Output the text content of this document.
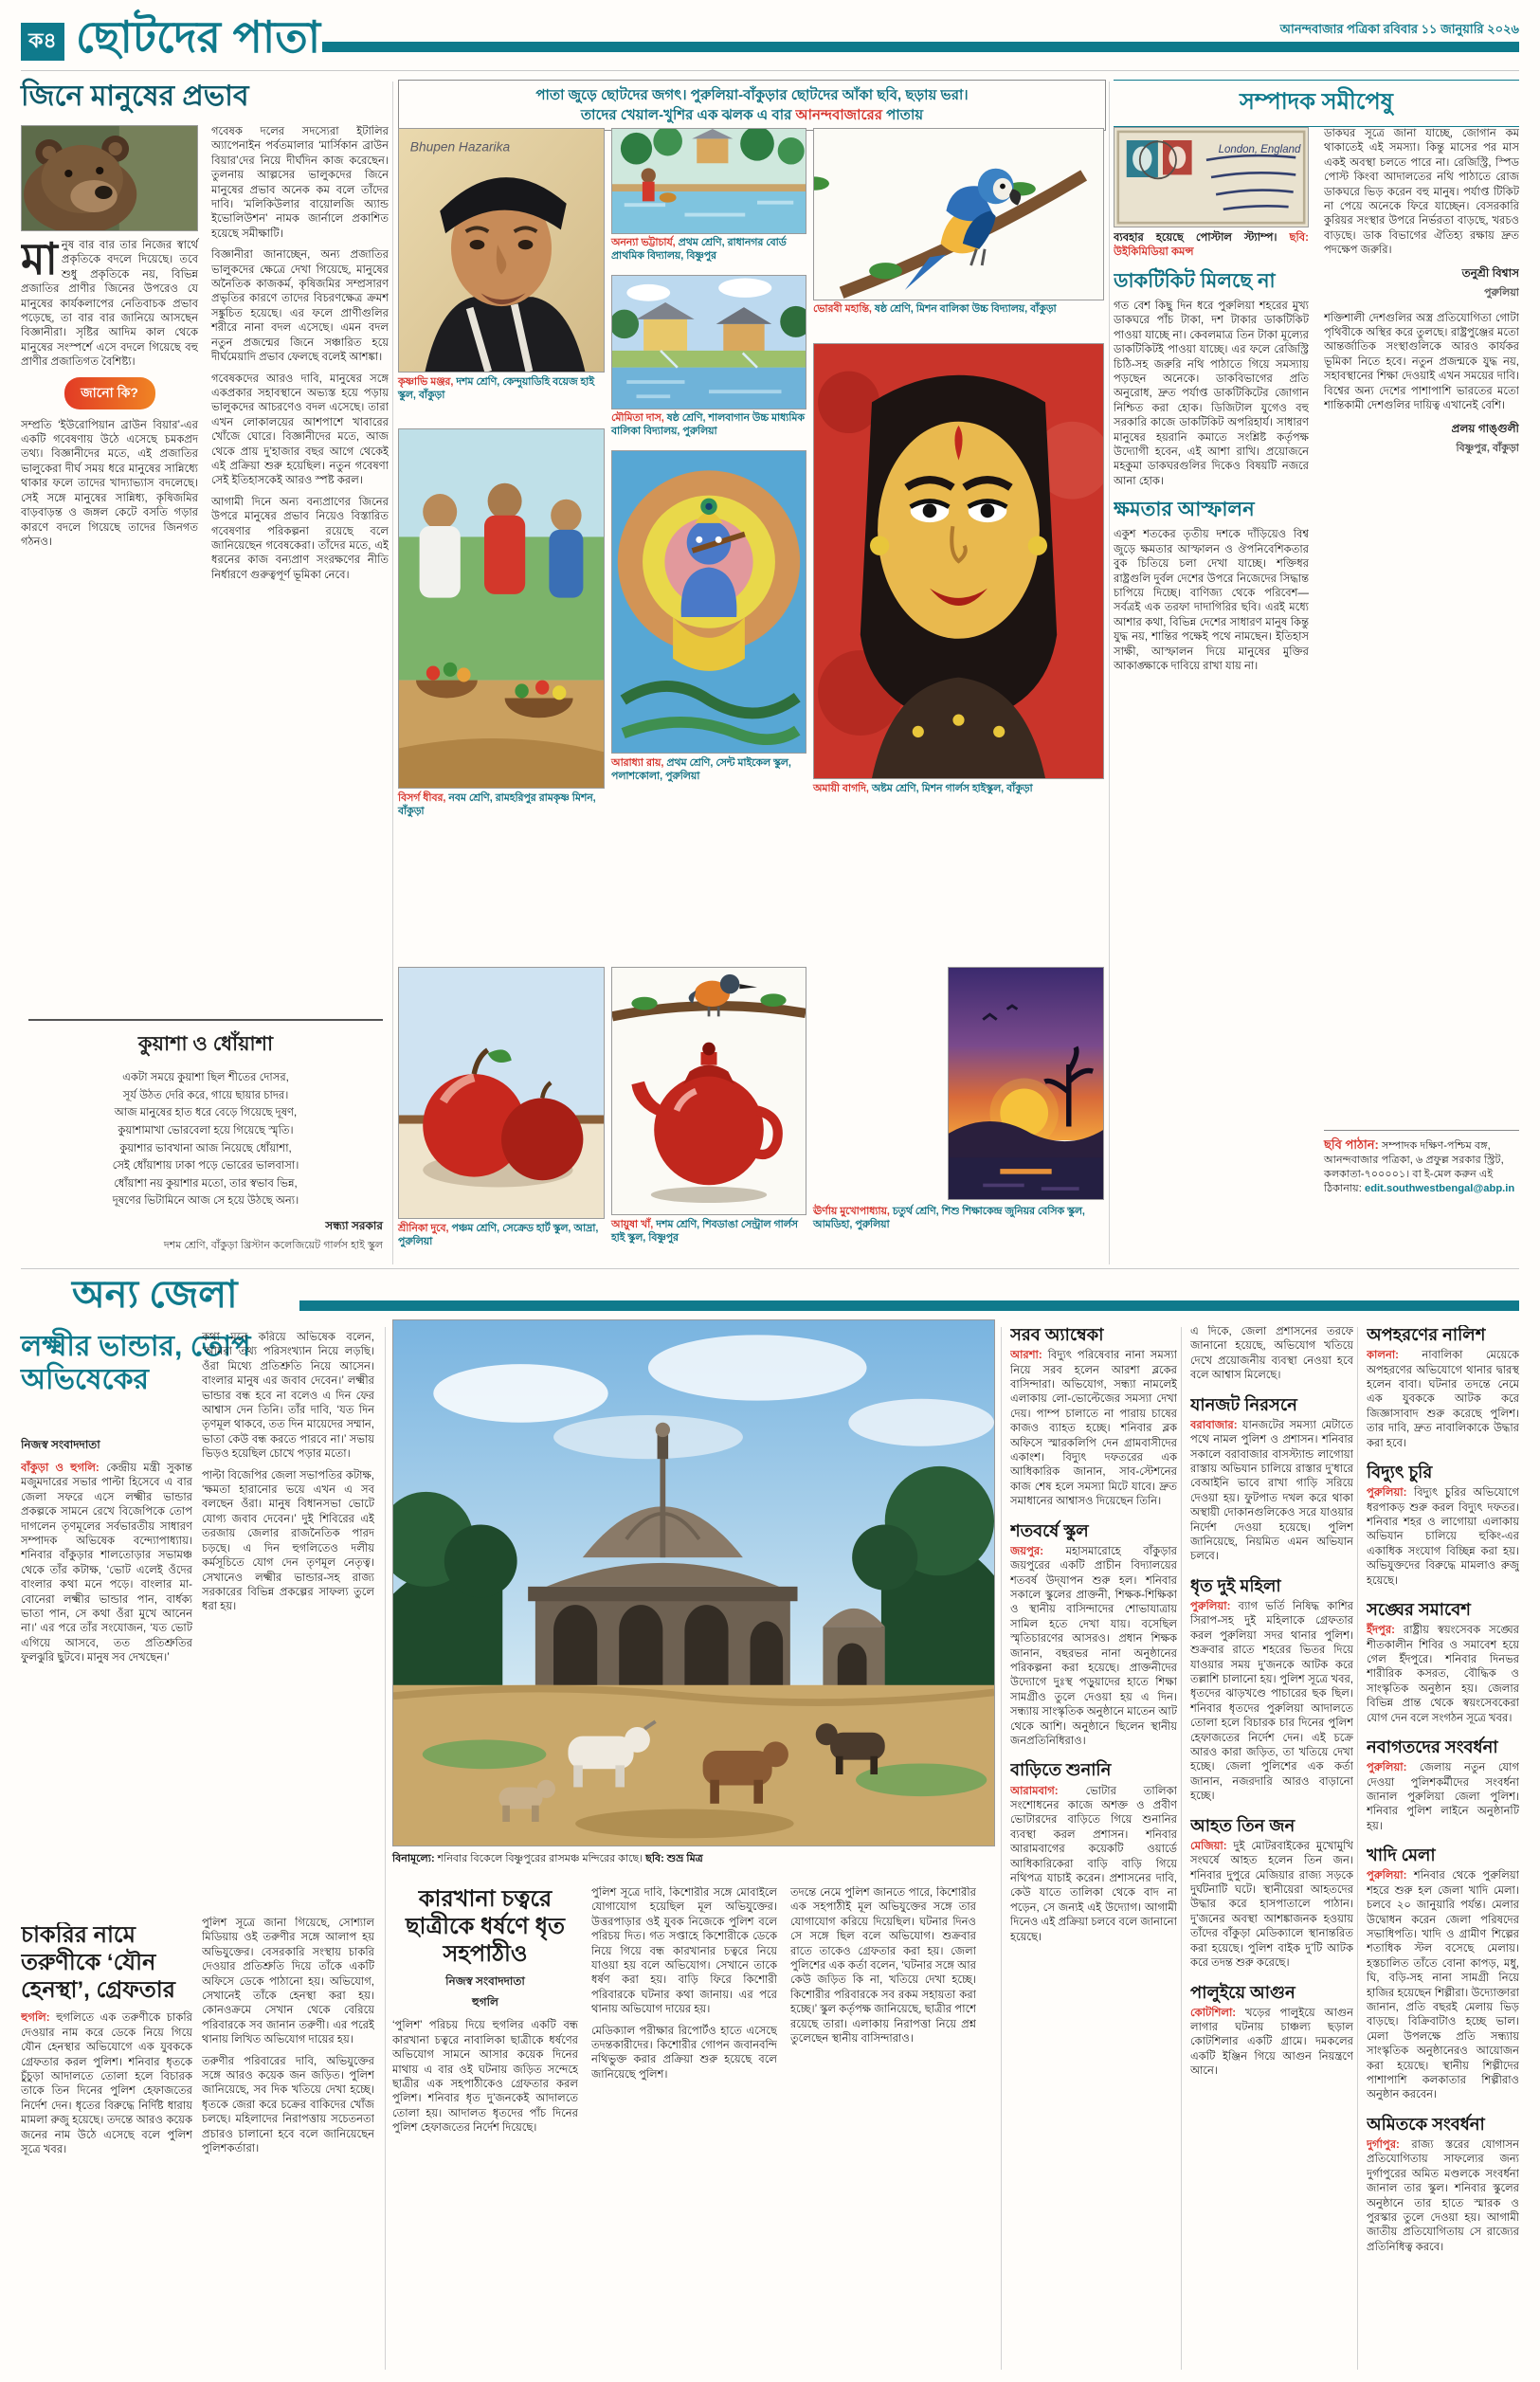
ক৪ ছোটদের পাতা	আনন্দবাজার পত্রিকা রবিবার ১১ জানুয়ারি ২০২৬
জিনে মানুষের প্রভাব

মানুষ বার বার তার নিজের স্বার্থে প্রকৃতিকে বদলে দিয়েছে। তবে শুধু প্রকৃতিকে নয়, বিভিন্ন প্রজাতির প্রাণীর জিনের উপরেও যে মানুষের কার্যকলাপের নেতিবাচক প্রভাব পড়েছে, তা বার বার জানিয়ে আসছেন বিজ্ঞানীরা। সৃষ্টির আদিম কাল থেকে মানুষের সংস্পর্শে এসে বদলে গিয়েছে বহু প্রাণীর প্রজাতিগত বৈশিষ্ট্য।

জানো কি?

সম্প্রতি ‘ইউরোপিয়ান ব্রাউন বিয়ার’-এর একটি গবেষণায় উঠে এসেছে চমকপ্রদ তথ্য। বিজ্ঞানীদের মতে, এই প্রজাতির ভালুকেরা দীর্ঘ সময় ধরে মানুষের সান্নিধ্যে থাকার ফলে তাদের খাদ্যাভ্যাস বদলেছে। সেই সঙ্গে মানুষের সান্নিধ্য, কৃষিজমির বাড়বাড়ন্ত ও জঙ্গল কেটে বসতি গড়ার কারণে বদলে গিয়েছে তাদের জিনগত গঠনও।

গবেষক দলের সদস্যেরা ইটালির অ্যাপেনাইন পর্বতমালার ‘মার্সিকান ব্রাউন বিয়ার’দের নিয়ে দীর্ঘদিন কাজ করেছেন। তুলনায় আল্পসের ভালুকদের জিনে মানুষের প্রভাব অনেক কম বলে তাঁদের দাবি। ‘মলিকিউলার বায়োলজি অ্যান্ড ইভোলিউশন’ নামক জার্নালে প্রকাশিত হয়েছে সমীক্ষাটি।

বিজ্ঞানীরা জানাচ্ছেন, অন্য প্রজাতির ভালুকদের ক্ষেত্রে দেখা গিয়েছে, মানুষের অনৈতিক কাজকর্ম, কৃষিজমির সম্প্রসারণ প্রভৃতির কারণে তাদের বিচরণক্ষেত্র ক্রমশ সঙ্কুচিত হয়েছে। এর ফলে প্রাণীগুলির শরীরে নানা বদল এসেছে। এমন বদল নতুন প্রজন্মের জিনে সঞ্চারিত হয়ে দীর্ঘমেয়াদি প্রভাব ফেলছে বলেই আশঙ্কা।

গবেষকদের আরও দাবি, মানুষের সঙ্গে একপ্রকার সহাবস্থানে অভ্যস্ত হয়ে পড়ায় ভালুকদের আচরণেও বদল এসেছে। তারা এখন লোকালয়ের আশপাশে খাবারের খোঁজে ঘোরে। বিজ্ঞানীদের মতে, আজ থেকে প্রায় দু’হাজার বছর আগে থেকেই এই প্রক্রিয়া শুরু হয়েছিল। নতুন গবেষণা সেই ইতিহাসকেই আরও স্পষ্ট করল।

আগামী দিনে অন্য বন্যপ্রাণের জিনের উপরে মানুষের প্রভাব নিয়েও বিস্তারিত গবেষণার পরিকল্পনা রয়েছে বলে জানিয়েছেন গবেষকেরা। তাঁদের মতে, এই ধরনের কাজ বন্যপ্রাণ সংরক্ষণের নীতি নির্ধারণে গুরুত্বপূর্ণ ভূমিকা নেবে।

কুয়াশা ও ধোঁয়াশা

একটা সময়ে কুয়াশা ছিল শীতের দোসর,

সূর্য উঠত দেরি করে, গায়ে ছায়ার চাদর।

আজ মানুষের হাত ধরে বেড়ে গিয়েছে দূষণ,

কুয়াশামাখা ভোরবেলা হয়ে গিয়েছে স্মৃতি।

কুয়াশার ভাবখানা আজ নিয়েছে ধোঁয়াশা,

সেই ধোঁয়াশায় ঢাকা পড়ে ভোরের ভালবাসা।

ধোঁয়াশা নয় কুয়াশার মতো, তার স্বভাব ভিন্ন,

দূষণের ভিটামিনে আজ সে হয়ে উঠছে অন্য।

সন্ধ্যা সরকার
দশম শ্রেণি, বাঁকুড়া খ্রিস্টান কলেজিয়েট গার্লস হাই স্কুল
পাতা জুড়ে ছোটদের জগৎ। পুরুলিয়া-বাঁকুড়ার ছোটদের আঁকা ছবি, ছড়ায় ভরা।
তাদের খেয়াল-খুশির এক ঝলক এ বার আনন্দবাজারের পাতায়
Bhupen Hazarika
কৃষ্ণাভি মঞ্জর, দশম শ্রেণি, কেন্দুয়াডিহি বয়েজ হাই স্কুল, বাঁকুড়া
বিসর্গ ধীবর, নবম শ্রেণি, রামহরিপুর রামকৃষ্ণ মিশন, বাঁকুড়া
শ্রীনিকা দুবে, পঞ্চম শ্রেণি, সেক্রেড হার্ট স্কুল, আদ্রা, পুরুলিয়া
অনন্যা ভট্টাচার্য, প্রথম শ্রেণি, রাধানগর বোর্ড প্রাথমিক বিদ্যালয়, বিষ্ণুপুর
মৌমিতা দাস, ষষ্ঠ শ্রেণি, শালবাগান উচ্চ মাধ্যমিক বালিকা বিদ্যালয়, পুরুলিয়া
আরাধ্যা রায়, প্রথম শ্রেণি, সেন্ট মাইকেল স্কুল, পলাশকোলা, পুরুলিয়া
আয়ুষা খাঁ, দশম শ্রেণি, শিবডাঙা সেন্ট্রাল গার্লস হাই স্কুল, বিষ্ণুপুর
ভোরবী মহান্তি, ষষ্ঠ শ্রেণি, মিশন বালিকা উচ্চ বিদ্যালয়, বাঁকুড়া
অমায়ী বাগদি, অষ্টম শ্রেণি, মিশন গার্লস হাইস্কুল, বাঁকুড়া
ঊর্ণায় মুখোপাধ্যায়, চতুর্থ শ্রেণি, শিশু শিক্ষাকেন্দ্র জুনিয়র বেসিক স্কুল, আমডিহা, পুরুলিয়া
সম্পাদক সমীপেষু
London, England

ব্যবহার হয়েছে পোস্টাল স্ট্যাম্প। ছবি: উইকিমিডিয়া কমন্স

ডাকটিকিট মিলছে না

গত বেশ কিছু দিন ধরে পুরুলিয়া শহরের মুখ্য ডাকঘরে পাঁচ টাকা, দশ টাকার ডাকটিকিট পাওয়া যাচ্ছে না। কেবলমাত্র তিন টাকা মূল্যের ডাকটিকিটই পাওয়া যাচ্ছে। এর ফলে রেজিস্ট্রি চিঠি-সহ জরুরি নথি পাঠাতে গিয়ে সমস্যায় পড়ছেন অনেকে। ডাকবিভাগের প্রতি অনুরোধ, দ্রুত পর্যাপ্ত ডাকটিকিটের জোগান নিশ্চিত করা হোক। ডিজিটাল যুগেও বহু সরকারি কাজে ডাকটিকিট অপরিহার্য। সাধারণ মানুষের হয়রানি কমাতে সংশ্লিষ্ট কর্তৃপক্ষ উদ্যোগী হবেন, এই আশা রাখি। প্রয়োজনে মহকুমা ডাকঘরগুলির দিকেও বিষয়টি নজরে আনা হোক।

ক্ষমতার আস্ফালন

একুশ শতকের তৃতীয় দশকে দাঁড়িয়েও বিশ্ব জুড়ে ক্ষমতার আস্ফালন ও ঔপনিবেশিকতার বুক চিতিয়ে চলা দেখা যাচ্ছে। শক্তিধর রাষ্ট্রগুলি দুর্বল দেশের উপরে নিজেদের সিদ্ধান্ত চাপিয়ে দিচ্ছে। বাণিজ্য থেকে পরিবেশ— সর্বত্রই এক তরফা দাদাগিরির ছবি। এরই মধ্যে আশার কথা, বিভিন্ন দেশের সাধারণ মানুষ কিন্তু যুদ্ধ নয়, শান্তির পক্ষেই পথে নামছেন। ইতিহাস সাক্ষী, আস্ফালন দিয়ে মানুষের মুক্তির আকাঙ্ক্ষাকে দাবিয়ে রাখা যায় না।

ডাকঘর সূত্রে জানা যাচ্ছে, জোগান কম থাকাতেই এই সমস্যা। কিন্তু মাসের পর মাস একই অবস্থা চলতে পারে না। রেজিস্ট্রি, স্পিড পোস্ট কিংবা আদালতের নথি পাঠাতে রোজ ডাকঘরে ভিড় করেন বহু মানুষ। পর্যাপ্ত টিকিট না পেয়ে অনেকে ফিরে যাচ্ছেন। বেসরকারি কুরিয়র সংস্থার উপরে নির্ভরতা বাড়ছে, খরচও বাড়ছে। ডাক বিভাগের ঐতিহ্য রক্ষায় দ্রুত পদক্ষেপ জরুরি।

তনুশ্রী বিশ্বাস
পুরুলিয়া

শক্তিশালী দেশগুলির অস্ত্র প্রতিযোগিতা গোটা পৃথিবীকে অস্থির করে তুলছে। রাষ্ট্রপুঞ্জের মতো আন্তর্জাতিক সংস্থাগুলিকে আরও কার্যকর ভূমিকা নিতে হবে। নতুন প্রজন্মকে যুদ্ধ নয়, সহাবস্থানের শিক্ষা দেওয়াই এখন সময়ের দাবি। বিশ্বের অন্য দেশের পাশাপাশি ভারতের মতো শান্তিকামী দেশগুলির দায়িত্ব এখানেই বেশি।

প্রলয় গাঙ্গুলী
বিষ্ণুপুর, বাঁকুড়া
ছবি পাঠান: সম্পাদক দক্ষিণ-পশ্চিম বঙ্গ, আনন্দবাজার পত্রিকা, ৬ প্রফুল্ল সরকার স্ট্রিট, কলকাতা-৭০০০০১। বা ই-মেল করুন এই ঠিকানায়: edit.southwestbengal@abp.in
অন্য জেলা
লক্ষ্মীর ভান্ডার, তোপ অভিষেকের
নিজস্ব সংবাদদাতা

বাঁকুড়া ও হুগলি: কেন্দ্রীয় মন্ত্রী সুকান্ত মজুমদারের সভার পাল্টা হিসেবে এ বার জেলা সফরে এসে লক্ষ্মীর ভান্ডার প্রকল্পকে সামনে রেখে বিজেপিকে তোপ দাগলেন তৃণমূলের সর্বভারতীয় সাধারণ সম্পাদক অভিষেক বন্দ্যোপাধ্যায়। শনিবার বাঁকুড়ার শালতোড়ার সভামঞ্চ থেকে তাঁর কটাক্ষ, ‘ভোট এলেই ওঁদের বাংলার কথা মনে পড়ে। বাংলার মা-বোনেরা লক্ষ্মীর ভান্ডার পান, বার্ধক্য ভাতা পান, সে কথা ওঁরা মুখে আনেন না।’ এর পরে তাঁর সংযোজন, ‘যত ভোট এগিয়ে আসবে, তত প্রতিশ্রুতির ফুলঝুরি ছুটবে। মানুষ সব দেখছেন।’

কথা মনে করিয়ে অভিষেক বলেন, ‘আমরা তথ্য পরিসংখ্যান নিয়ে লড়ছি। ওঁরা মিথ্যে প্রতিশ্রুতি নিয়ে আসেন। বাংলার মানুষ এর জবাব দেবেন।’ লক্ষ্মীর ভান্ডার বন্ধ হবে না বলেও এ দিন ফের আশ্বাস দেন তিনি। তাঁর দাবি, ‘যত দিন তৃণমূল থাকবে, তত দিন মায়েদের সম্মান, ভাতা কেউ বন্ধ করতে পারবে না।’ সভায় ভিড়ও হয়েছিল চোখে পড়ার মতো।

পাল্টা বিজেপির জেলা সভাপতির কটাক্ষ, ‘ক্ষমতা হারানোর ভয়ে এখন এ সব বলছেন ওঁরা। মানুষ বিধানসভা ভোটে যোগ্য জবাব দেবেন।’ দুই শিবিরের এই তরজায় জেলার রাজনৈতিক পারদ চড়ছে। এ দিন হুগলিতেও দলীয় কর্মসূচিতে যোগ দেন তৃণমূল নেতৃত্ব। সেখানেও লক্ষ্মীর ভান্ডার-সহ রাজ্য সরকারের বিভিন্ন প্রকল্পের সাফল্য তুলে ধরা হয়।

চাকরির নামে তরুণীকে ‘যৌন হেনস্থা’, গ্রেফতার

হুগলি: হুগলিতে এক তরুণীকে চাকরি দেওয়ার নাম করে ডেকে নিয়ে গিয়ে যৌন হেনস্থার অভিযোগে এক যুবককে গ্রেফতার করল পুলিশ। শনিবার ধৃতকে চুঁচুড়া আদালতে তোলা হলে বিচারক তাকে তিন দিনের পুলিশ হেফাজতের নির্দেশ দেন। ধৃতের বিরুদ্ধে নির্দিষ্ট ধারায় মামলা রুজু হয়েছে। তদন্তে আরও কয়েক জনের নাম উঠে এসেছে বলে পুলিশ সূত্রে খবর।

পুলিশ সূত্রে জানা গিয়েছে, সোশ্যাল মিডিয়ায় ওই তরুণীর সঙ্গে আলাপ হয় অভিযুক্তের। বেসরকারি সংস্থায় চাকরি দেওয়ার প্রতিশ্রুতি দিয়ে তাঁকে একটি অফিসে ডেকে পাঠানো হয়। অভিযোগ, সেখানেই তাঁকে হেনস্থা করা হয়। কোনওক্রমে সেখান থেকে বেরিয়ে পরিবারকে সব জানান তরুণী। এর পরেই থানায় লিখিত অভিযোগ দায়ের হয়।

তরুণীর পরিবারের দাবি, অভিযুক্তের সঙ্গে আরও কয়েক জন জড়িত। পুলিশ জানিয়েছে, সব দিক খতিয়ে দেখা হচ্ছে। ধৃতকে জেরা করে চক্রের বাকিদের খোঁজ চলছে। মহিলাদের নিরাপত্তায় সচেতনতা প্রচারও চালানো হবে বলে জানিয়েছেন পুলিশকর্তারা।

বিনামূল্যে: শনিবার বিকেলে বিষ্ণুপুরের রাসমঞ্চ মন্দিরের কাছে। ছবি: শুভ্র মিত্র
কারখানা চত্বরে ছাত্রীকে ধর্ষণে ধৃত সহপাঠীও
নিজস্ব সংবাদদাতা
হুগলি

‘পুলিশ’ পরিচয় দিয়ে হুগলির একটি বন্ধ কারখানা চত্বরে নাবালিকা ছাত্রীকে ধর্ষণের অভিযোগ সামনে আসার কয়েক দিনের মাথায় এ বার ওই ঘটনায় জড়িত সন্দেহে ছাত্রীর এক সহপাঠীকেও গ্রেফতার করল পুলিশ। শনিবার ধৃত দু’জনকেই আদালতে তোলা হয়। আদালত ধৃতদের পাঁচ দিনের পুলিশ হেফাজতের নির্দেশ দিয়েছে।

পুলিশ সূত্রে দাবি, কিশোরীর সঙ্গে মোবাইলে যোগাযোগ হয়েছিল মূল অভিযুক্তের। উত্তরপাড়ার ওই যুবক নিজেকে পুলিশ বলে পরিচয় দিত। গত সপ্তাহে কিশোরীকে ডেকে নিয়ে গিয়ে বন্ধ কারখানার চত্বরে নিয়ে যাওয়া হয় বলে অভিযোগ। সেখানে তাকে ধর্ষণ করা হয়। বাড়ি ফিরে কিশোরী পরিবারকে ঘটনার কথা জানায়। এর পরে থানায় অভিযোগ দায়ের হয়।

মেডিক্যাল পরীক্ষার রিপোর্টও হাতে এসেছে তদন্তকারীদের। কিশোরীর গোপন জবানবন্দি নথিভুক্ত করার প্রক্রিয়া শুরু হয়েছে বলে জানিয়েছে পুলিশ।

তদন্তে নেমে পুলিশ জানতে পারে, কিশোরীর এক সহপাঠীই মূল অভিযুক্তের সঙ্গে তার যোগাযোগ করিয়ে দিয়েছিল। ঘটনার দিনও সে সঙ্গে ছিল বলে অভিযোগ। শুক্রবার রাতে তাকেও গ্রেফতার করা হয়। জেলা পুলিশের এক কর্তা বলেন, ‘ঘটনার সঙ্গে আর কেউ জড়িত কি না, খতিয়ে দেখা হচ্ছে। কিশোরীর পরিবারকে সব রকম সহায়তা করা হচ্ছে।’ স্কুল কর্তৃপক্ষ জানিয়েছে, ছাত্রীর পাশে রয়েছে তারা। এলাকায় নিরাপত্তা নিয়ে প্রশ্ন তুলেছেন স্থানীয় বাসিন্দারাও।

সরব অ্যাম্বেকা

আরশা: বিদ্যুৎ পরিষেবার নানা সমস্যা নিয়ে সরব হলেন আরশা ব্লকের বাসিন্দারা। অভিযোগ, সন্ধ্যা নামলেই এলাকায় লো-ভোল্টেজের সমস্যা দেখা দেয়। পাম্প চালাতে না পারায় চাষের কাজও ব্যাহত হচ্ছে। শনিবার ব্লক অফিসে স্মারকলিপি দেন গ্রামবাসীদের একাংশ। বিদ্যুৎ দফতরের এক আধিকারিক জানান, সাব-স্টেশনের কাজ শেষ হলে সমস্যা মিটে যাবে। দ্রুত সমাধানের আশ্বাসও দিয়েছেন তিনি।

শতবর্ষে স্কুল

জয়পুর: মহাসমারোহে বাঁকুড়ার জয়পুরের একটি প্রাচীন বিদ্যালয়ের শতবর্ষ উদ্‌যাপন শুরু হল। শনিবার সকালে স্কুলের প্রাক্তনী, শিক্ষক-শিক্ষিকা ও স্থানীয় বাসিন্দাদের শোভাযাত্রায় সামিল হতে দেখা যায়। বসেছিল স্মৃতিচারণের আসরও। প্রধান শিক্ষক জানান, বছরভর নানা অনুষ্ঠানের পরিকল্পনা করা হয়েছে। প্রাক্তনীদের উদ্যোগে দুঃস্থ পড়ুয়াদের হাতে শিক্ষা সামগ্রীও তুলে দেওয়া হয় এ দিন। সন্ধ্যায় সাংস্কৃতিক অনুষ্ঠানে মাতেন আট থেকে আশি। অনুষ্ঠানে ছিলেন স্থানীয় জনপ্রতিনিধিরাও।

বাড়িতে শুনানি

আরামবাগ:	ভোটার তালিকা সংশোধনের কাজে অশক্ত ও প্রবীণ ভোটারদের বাড়িতে গিয়ে শুনানির ব্যবস্থা করল প্রশাসন। শনিবার আরামবাগের কয়েকটি ওয়ার্ডে আধিকারিকেরা বাড়ি বাড়ি গিয়ে নথিপত্র যাচাই করেন। প্রশাসনের দাবি, কেউ যাতে তালিকা থেকে বাদ না পড়েন, সে জন্যই এই উদ্যোগ। আগামী দিনেও এই প্রক্রিয়া চলবে বলে জানানো হয়েছে।

এ দিকে, জেলা প্রশাসনের তরফে জানানো হয়েছে, অভিযোগ খতিয়ে দেখে প্রয়োজনীয় ব্যবস্থা নেওয়া হবে বলে আশ্বাস মিলেছে।

যানজট নিরসনে

বরাবাজার: যানজটের সমস্যা মেটাতে পথে নামল পুলিশ ও প্রশাসন। শনিবার সকালে বরাবাজার বাসস্ট্যান্ড লাগোয়া রাস্তায় অভিযান চালিয়ে রাস্তার দু’ধারে বেআইনি ভাবে রাখা গাড়ি সরিয়ে দেওয়া হয়। ফুটপাত দখল করে থাকা অস্থায়ী দোকানগুলিকেও সরে যাওয়ার নির্দেশ দেওয়া হয়েছে। পুলিশ জানিয়েছে, নিয়মিত এমন অভিযান চলবে।

ধৃত দুই মহিলা

পুরুলিয়া: ব্যাগ ভর্তি নিষিদ্ধ কাশির সিরাপ-সহ দুই মহিলাকে গ্রেফতার করল পুরুলিয়া সদর থানার পুলিশ। শুক্রবার রাতে শহরের ভিতর দিয়ে যাওয়ার সময় দু’জনকে আটক করে তল্লাশি চালানো হয়। পুলিশ সূত্রে খবর, ধৃতদের ঝাড়খণ্ডে পাচারের ছক ছিল। শনিবার ধৃতদের পুরুলিয়া আদালতে তোলা হলে বিচারক চার দিনের পুলিশ হেফাজতের নির্দেশ দেন। এই চক্রে আরও কারা জড়িত, তা খতিয়ে দেখা হচ্ছে। জেলা পুলিশের এক কর্তা জানান, নজরদারি আরও বাড়ানো হচ্ছে।

আহত তিন জন

মেজিয়া: দুই মোটরবাইকের মুখোমুখি সংঘর্ষে আহত হলেন তিন জন। শনিবার দুপুরে মেজিয়ার রাজ্য সড়কে দুর্ঘটনাটি ঘটে। স্থানীয়েরা আহতদের উদ্ধার করে হাসপাতালে পাঠান। দু’জনের অবস্থা আশঙ্কাজনক হওয়ায় তাঁদের বাঁকুড়া মেডিক্যালে স্থানান্তরিত করা হয়েছে। পুলিশ বাইক দু’টি আটক করে তদন্ত শুরু করেছে।

পালুইয়ে আগুন

কোটশিলা: খড়ের পালুইয়ে আগুন লাগার ঘটনায় চাঞ্চল্য ছড়াল কোটশিলার একটি গ্রামে। দমকলের একটি ইঞ্জিন গিয়ে আগুন নিয়ন্ত্রণে আনে।

অপহরণের নালিশ

কালনা: নাবালিকা মেয়েকে অপহরণের অভিযোগে থানার দ্বারস্থ হলেন বাবা। ঘটনার তদন্তে নেমে এক যুবককে আটক করে জিজ্ঞাসাবাদ শুরু করেছে পুলিশ। তার দাবি, দ্রুত নাবালিকাকে উদ্ধার করা হবে।

বিদ্যুৎ চুরি

পুরুলিয়া: বিদ্যুৎ চুরির অভিযোগে ধরপাকড় শুরু করল বিদ্যুৎ দফতর। শনিবার শহর ও লাগোয়া এলাকায় অভিযান চালিয়ে হুকিং-এর একাধিক সংযোগ বিচ্ছিন্ন করা হয়। অভিযুক্তদের বিরুদ্ধে মামলাও রুজু হয়েছে।

সঙ্ঘের সমাবেশ

ইঁদপুর: রাষ্ট্রীয় স্বয়ংসেবক সঙ্ঘের শীতকালীন শিবির ও সমাবেশ হয়ে গেল ইঁদপুরে। শনিবার দিনভর শারীরিক কসরত, বৌদ্ধিক ও সাংস্কৃতিক অনুষ্ঠান হয়। জেলার বিভিন্ন প্রান্ত থেকে স্বয়ংসেবকেরা যোগ দেন বলে সংগঠন সূত্রে খবর।

নবাগতদের সংবর্ধনা

পুরুলিয়া: জেলায় নতুন যোগ দেওয়া পুলিশকর্মীদের সংবর্ধনা জানাল পুরুলিয়া জেলা পুলিশ। শনিবার পুলিশ লাইনে অনুষ্ঠানটি হয়।

খাদি মেলা

পুরুলিয়া: শনিবার থেকে পুরুলিয়া শহরে শুরু হল জেলা খাদি মেলা। চলবে ২০ জানুয়ারি পর্যন্ত। মেলার উদ্বোধন করেন জেলা পরিষদের সভাধিপতি। খাদি ও গ্রামীণ শিল্পের শতাধিক স্টল বসেছে মেলায়। হস্তচালিত তাঁতে বোনা কাপড়, মধু, ঘি, বড়ি-সহ নানা সামগ্রী নিয়ে হাজির হয়েছেন শিল্পীরা। উদ্যোক্তারা জানান, প্রতি বছরই মেলায় ভিড় বাড়ছে। বিক্রিবাটাও হচ্ছে ভাল। মেলা উপলক্ষে প্রতি সন্ধ্যায় সাংস্কৃতিক অনুষ্ঠানেরও আয়োজন করা হয়েছে। স্থানীয় শিল্পীদের পাশাপাশি কলকাতার শিল্পীরাও অনুষ্ঠান করবেন।

অমিতকে সংবর্ধনা

দুর্গাপুর: রাজ্য স্তরের যোগাসন প্রতিযোগিতায় সাফল্যের জন্য দুর্গাপুরের অমিত মণ্ডলকে সংবর্ধনা জানাল তার স্কুল। শনিবার স্কুলের অনুষ্ঠানে তার হাতে স্মারক ও পুরস্কার তুলে দেওয়া হয়। আগামী জাতীয় প্রতিযোগিতায় সে রাজ্যের প্রতিনিধিত্ব করবে।
